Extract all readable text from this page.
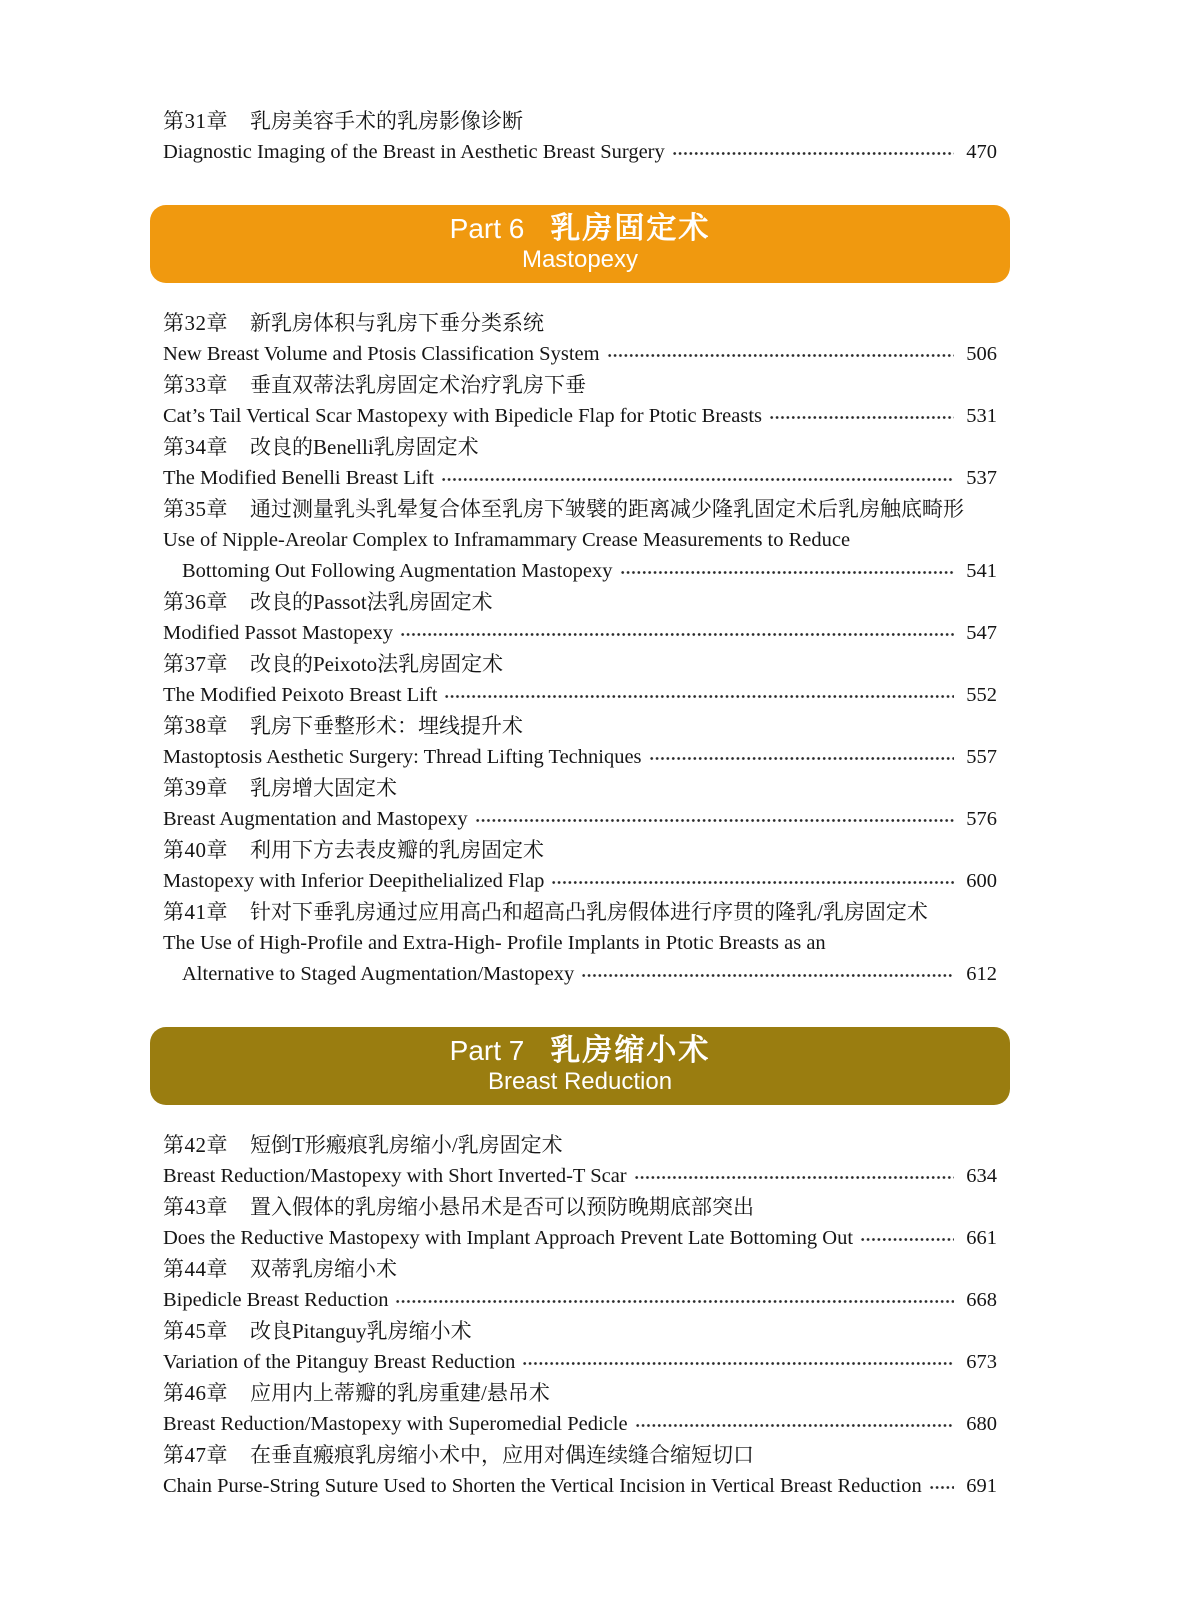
第31章 乳房美容手术的乳房影像诊断
Diagnostic Imaging of the Breast in Aesthetic Breast Surgery	470
Part 6 乳房固定术
Mastopexy
第32章 新乳房体积与乳房下垂分类系统
New Breast Volume and Ptosis Classification System	506
第33章 垂直双蒂法乳房固定术治疗乳房下垂
Cat’s Tail Vertical Scar Mastopexy with Bipedicle Flap for Ptotic Breasts	531
第34章 改良的Benelli乳房固定术
The Modified Benelli Breast Lift	537
第35章 通过测量乳头乳晕复合体至乳房下皱襞的距离减少隆乳固定术后乳房触底畸形
Use of Nipple-Areolar Complex to Inframammary Crease Measurements to Reduce
Bottoming Out Following Augmentation Mastopexy	541
第36章 改良的Passot法乳房固定术
Modified Passot Mastopexy	547
第37章 改良的Peixoto法乳房固定术
The Modified Peixoto Breast Lift	552
第38章 乳房下垂整形术：埋线提升术
Mastoptosis Aesthetic Surgery: Thread Lifting Techniques	557
第39章 乳房增大固定术
Breast Augmentation and Mastopexy	576
第40章 利用下方去表皮瓣的乳房固定术
Mastopexy with Inferior Deepithelialized Flap	600
第41章 针对下垂乳房通过应用高凸和超高凸乳房假体进行序贯的隆乳/乳房固定术
The Use of High-Profile and Extra-High- Profile Implants in Ptotic Breasts as an
Alternative to Staged Augmentation/Mastopexy	612
Part 7 乳房缩小术
Breast Reduction
第42章 短倒T形瘢痕乳房缩小/乳房固定术
Breast Reduction/Mastopexy with Short Inverted-T Scar	634
第43章 置入假体的乳房缩小悬吊术是否可以预防晚期底部突出
Does the Reductive Mastopexy with Implant Approach Prevent Late Bottoming Out	661
第44章 双蒂乳房缩小术
Bipedicle Breast Reduction	668
第45章 改良Pitanguy乳房缩小术
Variation of the Pitanguy Breast Reduction	673
第46章 应用内上蒂瓣的乳房重建/悬吊术
Breast Reduction/Mastopexy with Superomedial Pedicle	680
第47章 在垂直瘢痕乳房缩小术中，应用对偶连续缝合缩短切口
Chain Purse-String Suture Used to Shorten the Vertical Incision in Vertical Breast Reduction 691
